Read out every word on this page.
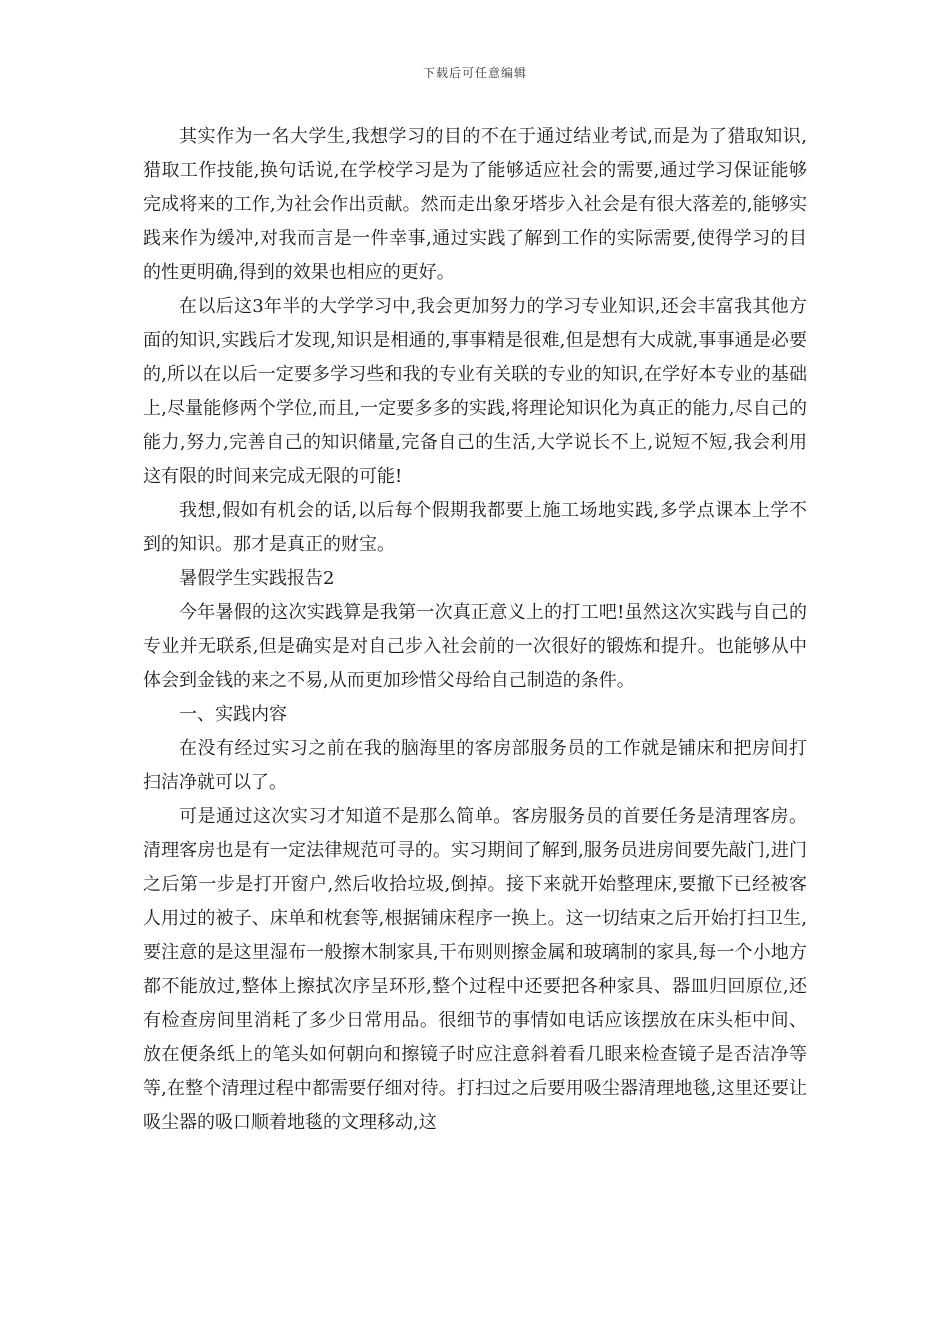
下载后可任意编辑

其实作为一名大学生,我想学习的目的不在于通过结业考试,而是为了猎取知识,猎取工作技能,换句话说,在学校学习是为了能够适应社会的需要,通过学习保证能够完成将来的工作,为社会作出贡献。然而走出象牙塔步入社会是有很大落差的,能够实践来作为缓冲,对我而言是一件幸事,通过实践了解到工作的实际需要,使得学习的目的性更明确,得到的效果也相应的更好。

在以后这3年半的大学学习中,我会更加努力的学习专业知识,还会丰富我其他方面的知识,实践后才发现,知识是相通的,事事精是很难,但是想有大成就,事事通是必要的,所以在以后一定要多学习些和我的专业有关联的专业的知识,在学好本专业的基础上,尽量能修两个学位,而且,一定要多多的实践,将理论知识化为真正的能力,尽自己的能力,努力,完善自己的知识储量,完备自己的生活,大学说长不上,说短不短,我会利用这有限的时间来完成无限的可能!

我想,假如有机会的话,以后每个假期我都要上施工场地实践,多学点课本上学不到的知识。那才是真正的财宝。

暑假学生实践报告2

今年暑假的这次实践算是我第一次真正意义上的打工吧!虽然这次实践与自己的专业并无联系,但是确实是对自己步入社会前的一次很好的锻炼和提升。也能够从中体会到金钱的来之不易,从而更加珍惜父母给自己制造的条件。

一、实践内容

在没有经过实习之前在我的脑海里的客房部服务员的工作就是铺床和把房间打扫洁净就可以了。

可是通过这次实习才知道不是那么简单。客房服务员的首要任务是清理客房。清理客房也是有一定法律规范可寻的。实习期间了解到,服务员进房间要先敲门,进门之后第一步是打开窗户,然后收拾垃圾,倒掉。接下来就开始整理床,要撤下已经被客人用过的被子、床单和枕套等,根据铺床程序一换上。这一切结束之后开始打扫卫生,要注意的是这里湿布一般擦木制家具,干布则则擦金属和玻璃制的家具,每一个小地方都不能放过,整体上擦拭次序呈环形,整个过程中还要把各种家具、器皿归回原位,还有检查房间里消耗了多少日常用品。很细节的事情如电话应该摆放在床头柜中间、放在便条纸上的笔头如何朝向和擦镜子时应注意斜着看几眼来检查镜子是否洁净等等,在整个清理过程中都需要仔细对待。打扫过之后要用吸尘器清理地毯,这里还要让吸尘器的吸口顺着地毯的文理移动,这
